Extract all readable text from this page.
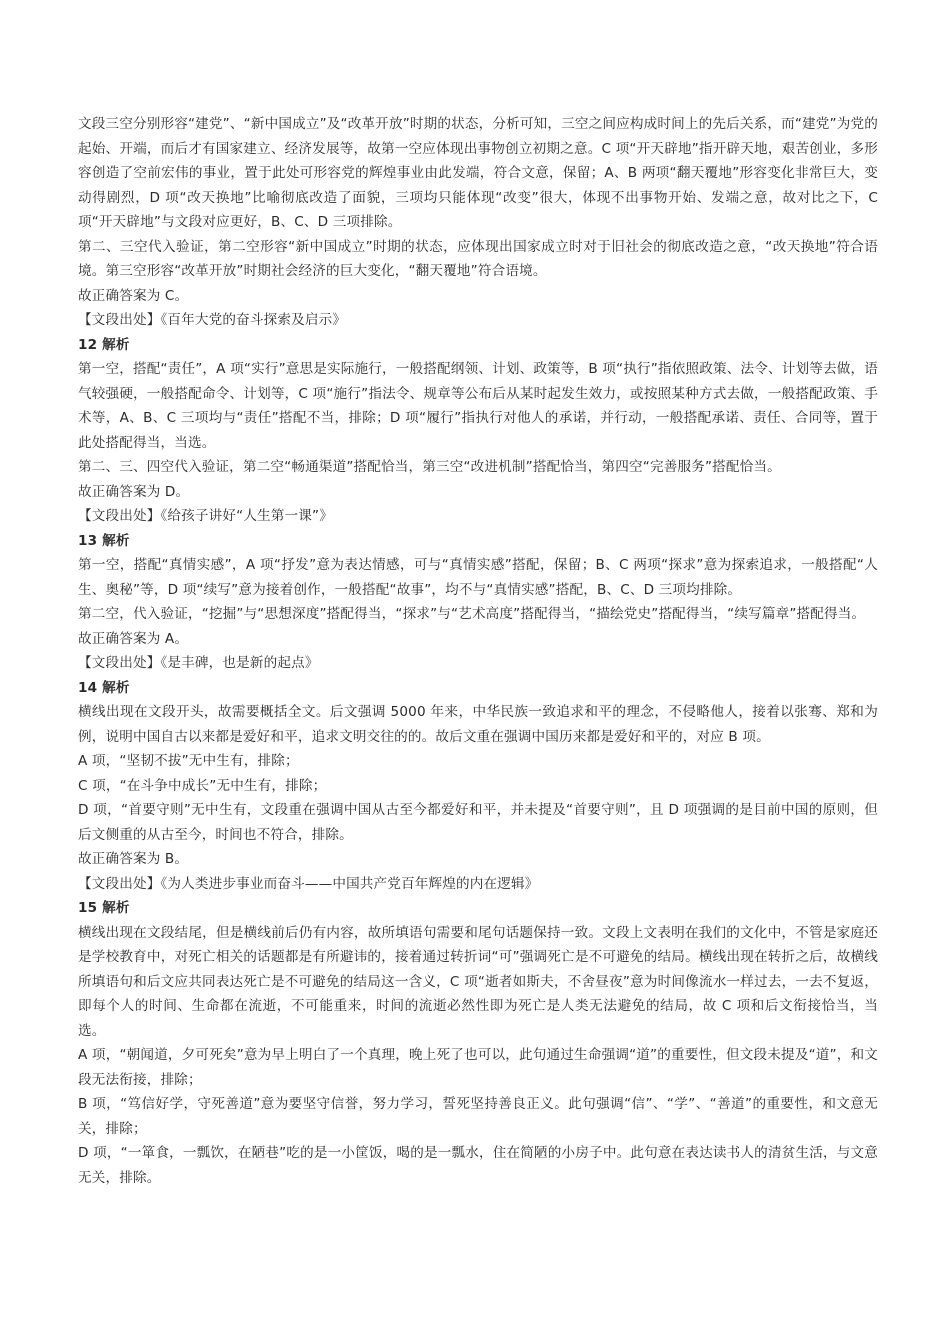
文段三空分别形容“建党”、“新中国成立”及“改革开放”时期的状态，分析可知，三空之间应构成时间上的先后关系，而“建党”为党的起始、开端，而后才有国家建立、经济发展等，故第一空应体现出事物创立初期之意。C 项“开天辟地”指开辟天地，艰苦创业，多形容创造了空前宏伟的事业，置于此处可形容党的辉煌事业由此发端，符合文意，保留；A、B 两项“翻天覆地”形容变化非常巨大，变动得剧烈，D 项“改天换地”比喻彻底改造了面貌，三项均只能体现“改变”很大，体现不出事物开始、发端之意，故对比之下，C 项“开天辟地”与文段对应更好，B、C、D 三项排除。

第二、三空代入验证，第二空形容“新中国成立”时期的状态，应体现出国家成立时对于旧社会的彻底改造之意，“改天换地”符合语境。第三空形容“改革开放”时期社会经济的巨大变化，“翻天覆地”符合语境。

故正确答案为 C。

【文段出处】《百年大党的奋斗探索及启示》

12 解析

第一空，搭配“责任”，A 项“实行”意思是实际施行，一般搭配纲领、计划、政策等，B 项“执行”指依照政策、法令、计划等去做，语气较强硬，一般搭配命令、计划等，C 项“施行”指法令、规章等公布后从某时起发生效力，或按照某种方式去做，一般搭配政策、手术等，A、B、C 三项均与“责任”搭配不当，排除；D 项“履行”指执行对他人的承诺，并行动，一般搭配承诺、责任、合同等，置于此处搭配得当，当选。

第二、三、四空代入验证，第二空“畅通渠道”搭配恰当，第三空“改进机制”搭配恰当，第四空“完善服务”搭配恰当。

故正确答案为 D。

【文段出处】《给孩子讲好“人生第一课”》

13 解析

第一空，搭配“真情实感”，A 项“抒发”意为表达情感，可与“真情实感”搭配，保留；B、C 两项“探求”意为探索追求，一般搭配“人生、奥秘”等，D 项“续写”意为接着创作，一般搭配“故事”，均不与“真情实感”搭配，B、C、D 三项均排除。

第二空，代入验证，“挖掘”与“思想深度”搭配得当，“探求”与“艺术高度”搭配得当，“描绘党史”搭配得当，“续写篇章”搭配得当。

故正确答案为 A。

【文段出处】《是丰碑，也是新的起点》

14 解析

横线出现在文段开头，故需要概括全文。后文强调 5000 年来，中华民族一致追求和平的理念，不侵略他人，接着以张骞、郑和为例，说明中国自古以来都是爱好和平，追求文明交往的的。故后文重在强调中国历来都是爱好和平的，对应 B 项。

A 项，“坚韧不拔”无中生有，排除；

C 项，“在斗争中成长”无中生有，排除；

D 项，“首要守则”无中生有，文段重在强调中国从古至今都爱好和平，并未提及“首要守则”，且 D 项强调的是目前中国的原则，但后文侧重的从古至今，时间也不符合，排除。

故正确答案为 B。

【文段出处】《为人类进步事业而奋斗——中国共产党百年辉煌的内在逻辑》

15 解析

横线出现在文段结尾，但是横线前后仍有内容，故所填语句需要和尾句话题保持一致。文段上文表明在我们的文化中，不管是家庭还是学校教育中，对死亡相关的话题都是有所避讳的，接着通过转折词“可”强调死亡是不可避免的结局。横线出现在转折之后，故横线所填语句和后文应共同表达死亡是不可避免的结局这一含义，C 项“逝者如斯夫，不舍昼夜”意为时间像流水一样过去，一去不复返，即每个人的时间、生命都在流逝，不可能重来，时间的流逝必然性即为死亡是人类无法避免的结局，故 C 项和后文衔接恰当，当选。

A 项，“朝闻道，夕可死矣”意为早上明白了一个真理，晚上死了也可以，此句通过生命强调“道”的重要性，但文段未提及“道”，和文段无法衔接，排除；

B 项，“笃信好学，守死善道”意为要坚守信誉，努力学习，誓死坚持善良正义。此句强调“信”、“学”、“善道”的重要性，和文意无关，排除；

D 项，“一箪食，一瓢饮，在陋巷”吃的是一小筐饭，喝的是一瓢水，住在简陋的小房子中。此句意在表达读书人的清贫生活，与文意无关，排除。
